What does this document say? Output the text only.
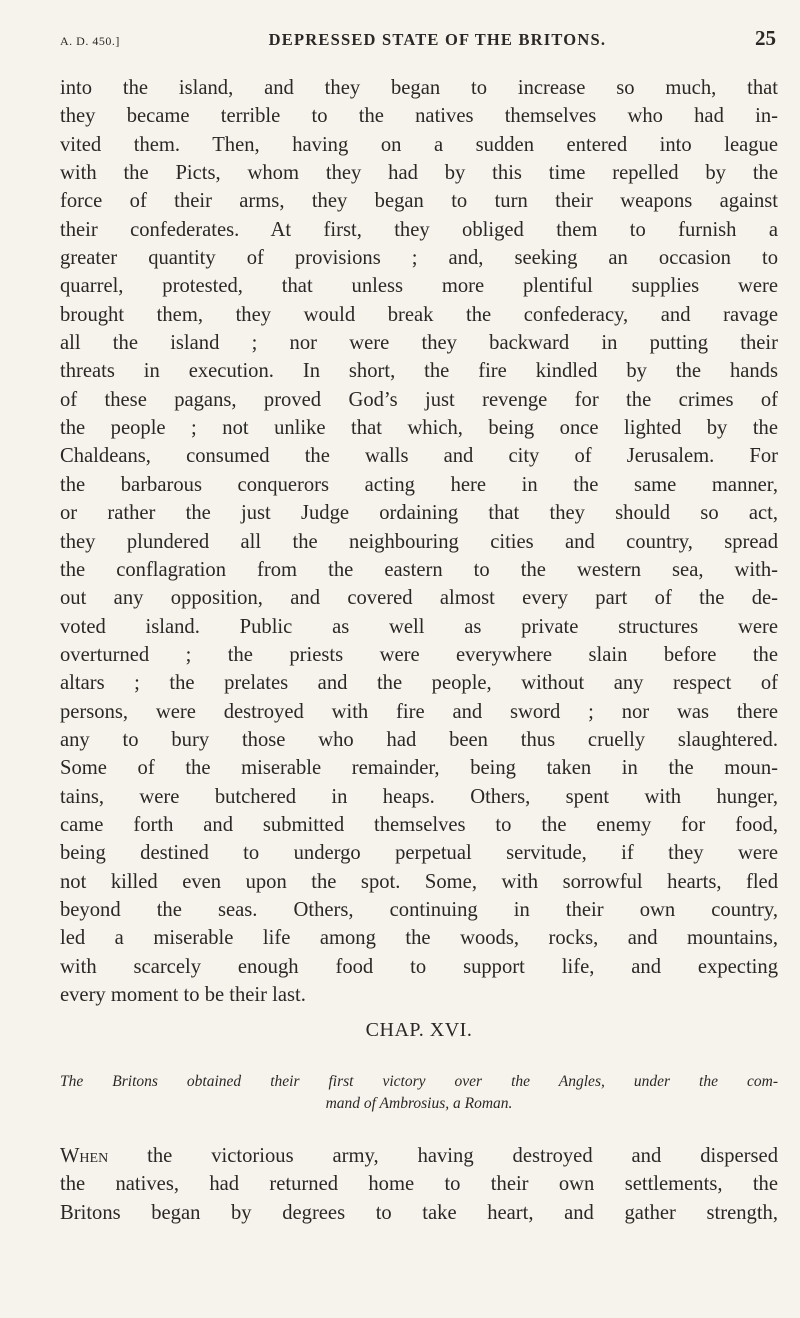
A. D. 450.]	DEPRESSED STATE OF THE BRITONS.	25
into the island, and they began to increase so much, that
they became terrible to the natives themselves who had in-
vited them. Then, having on a sudden entered into league
with the Picts, whom they had by this time repelled by the
force of their arms, they began to turn their weapons against
their confederates. At first, they obliged them to furnish a
greater quantity of provisions ; and, seeking an occasion to
quarrel, protested, that unless more plentiful supplies were
brought them, they would break the confederacy, and ravage
all the island ; nor were they backward in putting their
threats in execution. In short, the fire kindled by the hands
of these pagans, proved God’s just revenge for the crimes of
the people ; not unlike that which, being once lighted by the
Chaldeans, consumed the walls and city of Jerusalem. For
the barbarous conquerors acting here in the same manner,
or rather the just Judge ordaining that they should so act,
they plundered all the neighbouring cities and country, spread
the conflagration from the eastern to the western sea, with-
out any opposition, and covered almost every part of the de-
voted island. Public as well as private structures were
overturned ; the priests were everywhere slain before the
altars ; the prelates and the people, without any respect of
persons, were destroyed with fire and sword ; nor was there
any to bury those who had been thus cruelly slaughtered.
Some of the miserable remainder, being taken in the moun-
tains, were butchered in heaps. Others, spent with hunger,
came forth and submitted themselves to the enemy for food,
being destined to undergo perpetual servitude, if they were
not killed even upon the spot. Some, with sorrowful hearts, fled
beyond the seas. Others, continuing in their own country,
led a miserable life among the woods, rocks, and mountains,
with scarcely enough food to support life, and expecting
every moment to be their last.
CHAP. XVI.
The Britons obtained their first victory over the Angles, under the com-
mand of Ambrosius, a Roman.
When the victorious army, having destroyed and dispersed
the natives, had returned home to their own settlements, the
Britons began by degrees to take heart, and gather strength,
